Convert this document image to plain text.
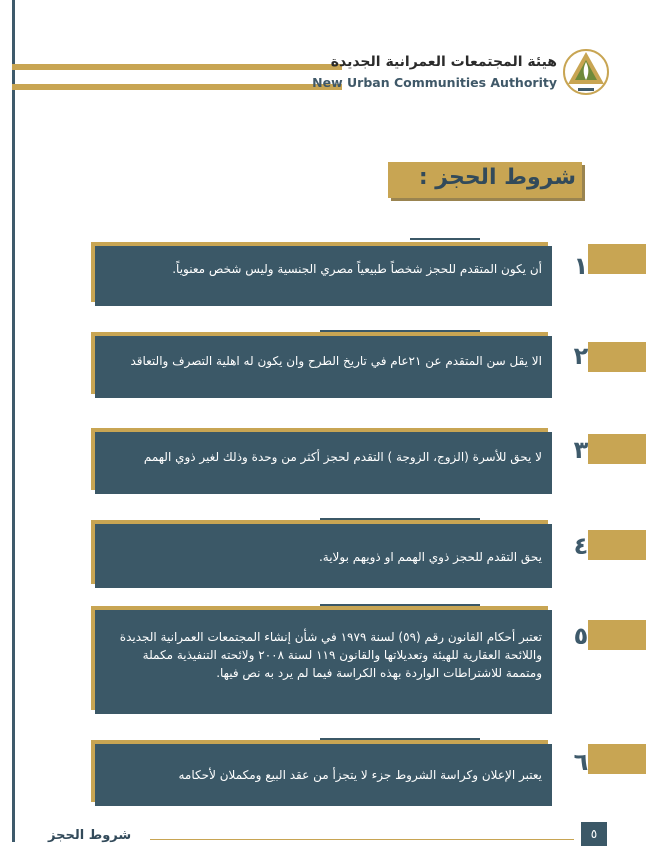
هيئة المجتمعات العمرانية الجديدة
New Urban Communities Authority
شروط الحجز :
١
أن يكون المتقدم للحجز شخصاً طبيعياً مصري الجنسية وليس شخص معنوياً.
٢
الا يقل سن المتقدم عن ٢١عام في تاريخ الطرح وان يكون له اهلية التصرف والتعاقد
٣
لا يحق للأسرة (الزوج، الزوجة ) التقدم لحجز أكثر من وحدة وذلك لغير ذوي الهمم
٤
يحق التقدم للحجز ذوي الهمم او ذويهم بولاية.
٥
تعتبر أحكام القانون رقم (٥٩) لسنة ١٩٧٩ في شأن إنشاء المجتمعات العمرانية الجديدة واللائحة العقارية للهيئة وتعديلاتها والقانون ١١٩ لسنة ٢٠٠٨ ولائحته التنفيذية مكملة ومتممة للاشتراطات الواردة بهذه الكراسة فيما لم يرد به نص فيها.
٦
يعتبر الإعلان وكراسة الشروط جزء لا يتجزأ من عقد البيع ومكملان لأحكامه
شروط الحجز	٥
